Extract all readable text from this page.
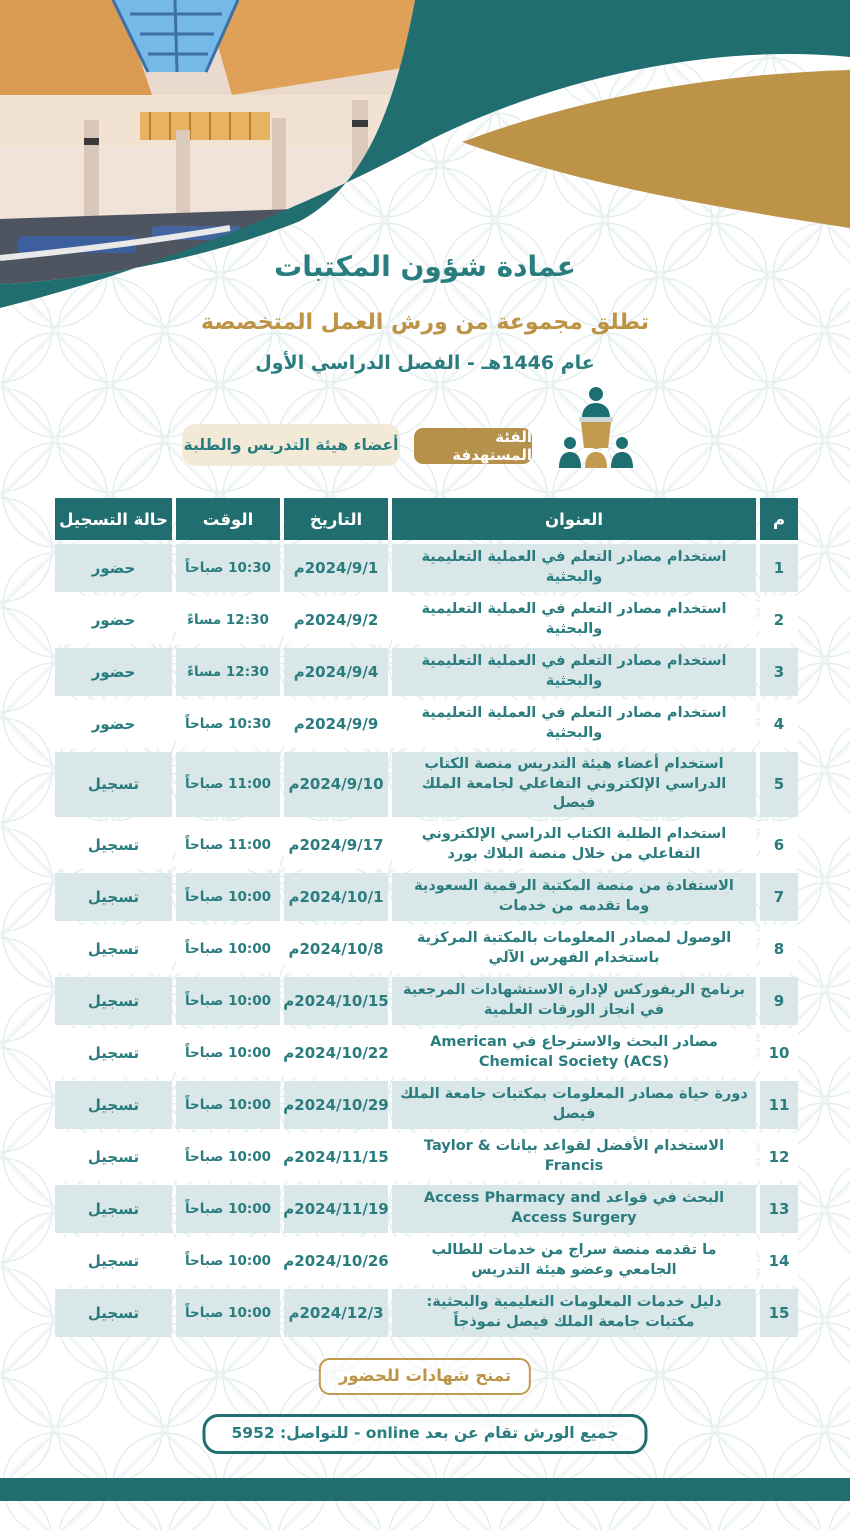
عمادة شؤون المكتبات
تطلق مجموعة من ورش العمل المتخصصة
عام 1446هـ - الفصل الدراسي الأول
الفئة المستهدفة
أعضاء هيئة التدريس والطلبة
م
العنوان
التاريخ
الوقت
حالة التسجيل
1
استخدام مصادر التعلم في العملية التعليمية والبحثية
2024/9/1م
10:30 صباحاً
حضور
2
استخدام مصادر التعلم في العملية التعليمية والبحثية
2024/9/2م
12:30 مساءً
حضور
3
استخدام مصادر التعلم في العملية التعليمية والبحثية
2024/9/4م
12:30 مساءً
حضور
4
استخدام مصادر التعلم في العملية التعليمية والبحثية
2024/9/9م
10:30 صباحاً
حضور
5
استخدام أعضاء هيئة التدريس منصة الكتاب الدراسي الإلكتروني التفاعلي لجامعة الملك فيصل
2024/9/10م
11:00 صباحاً
تسجيل
6
استخدام الطلبة الكتاب الدراسي الإلكتروني التفاعلي من خلال منصة البلاك بورد
2024/9/17م
11:00 صباحاً
تسجيل
7
الاستفادة من منصة المكتبة الرقمية السعودية وما تقدمه من خدمات
2024/10/1م
10:00 صباحاً
تسجيل
8
الوصول لمصادر المعلومات بالمكتبة المركزية باستخدام الفهرس الآلي
2024/10/8م
10:00 صباحاً
تسجيل
9
برنامج الريفوركس لإدارة الاستشهادات المرجعية في انجاز الورقات العلمية
2024/10/15م
10:00 صباحاً
تسجيل
10
مصادر البحث والاسترجاع في American Chemical Society (ACS)
2024/10/22م
10:00 صباحاً
تسجيل
11
دورة حياة مصادر المعلومات بمكتبات جامعة الملك فيصل
2024/10/29م
10:00 صباحاً
تسجيل
12
الاستخدام الأفضل لقواعد بيانات Taylor & Francis
2024/11/15م
10:00 صباحاً
تسجيل
13
البحث في قواعد Access Pharmacy and Access Surgery
2024/11/19م
10:00 صباحاً
تسجيل
14
ما تقدمه منصة سراج من خدمات للطالب الجامعي وعضو هيئة التدريس
2024/10/26م
10:00 صباحاً
تسجيل
15
دليل خدمات المعلومات التعليمية والبحثية: مكتبات جامعة الملك فيصل نموذجاً
2024/12/3م
10:00 صباحاً
تسجيل
تمنح شهادات للحضور
جميع الورش تقام عن بعد online - للتواصل: 5952
